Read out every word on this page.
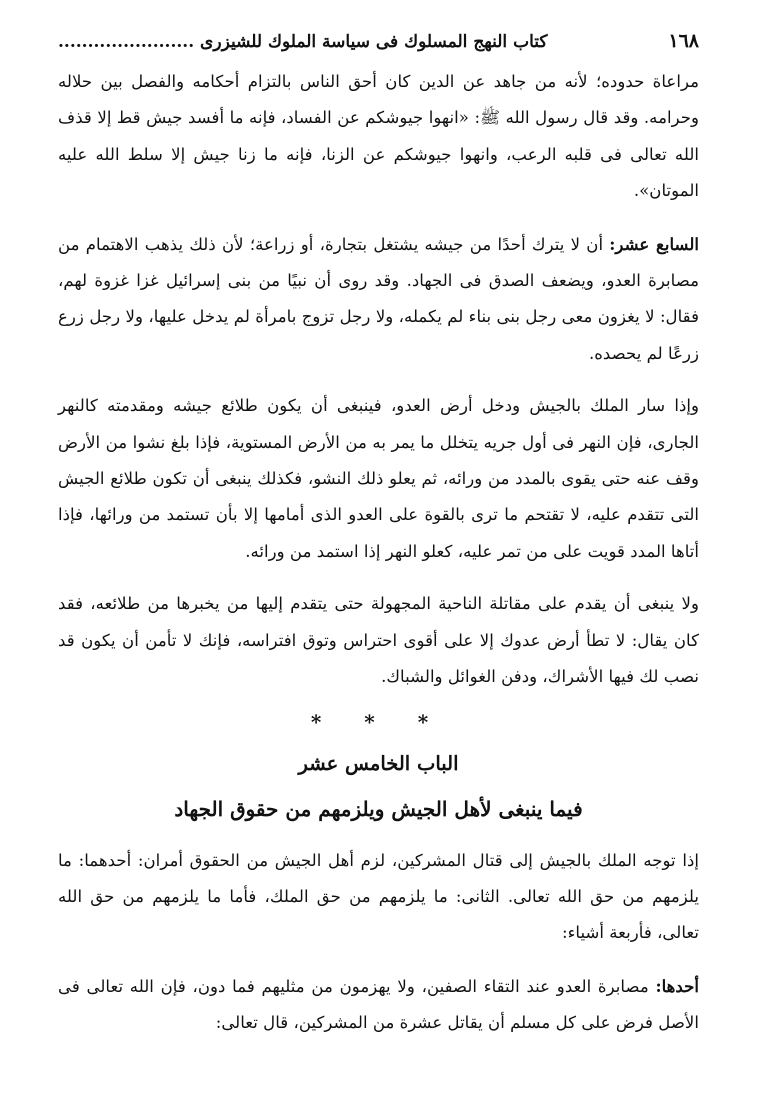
١٦٨
كتاب النهج المسلوك فى سياسة الملوك للشيزرى .......................

مراعاة حدوده؛ لأنه من جاهد عن الدين كان أحق الناس بالتزام أحكامه والفصل بين حلاله وحرامه. وقد قال رسول الله ﷺ: «انهوا جيوشكم عن الفساد، فإنه ما أفسد جيش قط إلا قذف الله تعالى فى قلبه الرعب، وانهوا جيوشكم عن الزنا، فإنه ما زنا جيش إلا سلط الله عليه الموتان».

السابع عشر: أن لا يترك أحدًا من جيشه يشتغل بتجارة، أو زراعة؛ لأن ذلك يذهب الاهتمام من مصابرة العدو، ويضعف الصدق فى الجهاد. وقد روى أن نبيًا من بنى إسرائيل غزا غزوة لهم، فقال: لا يغزون معى رجل بنى بناء لم يكمله، ولا رجل تزوج بامرأة لم يدخل عليها، ولا رجل زرع زرعًا لم يحصده.

وإذا سار الملك بالجيش ودخل أرض العدو، فينبغى أن يكون طلائع جيشه ومقدمته كالنهر الجارى، فإن النهر فى أول جريه يتخلل ما يمر به من الأرض المستوية، فإذا بلغ نشوا من الأرض وقف عنه حتى يقوى بالمدد من ورائه، ثم يعلو ذلك النشو، فكذلك ينبغى أن تكون طلائع الجيش التى تتقدم عليه، لا تقتحم ما ترى بالقوة على العدو الذى أمامها إلا بأن تستمد من ورائها، فإذا أتاها المدد قويت على من تمر عليه، كعلو النهر إذا استمد من ورائه.

ولا ينبغى أن يقدم على مقاتلة الناحية المجهولة حتى يتقدم إليها من يخبرها من طلائعه، فقد كان يقال: لا تطأ أرض عدوك إلا على أقوى احتراس وتوق افتراسه، فإنك لا تأمن أن يكون قد نصب لك فيها الأشراك، ودفن الغوائل والشباك.

* * *
الباب الخامس عشر
فيما ينبغى لأهل الجيش ويلزمهم من حقوق الجهاد

إذا توجه الملك بالجيش إلى قتال المشركين، لزم أهل الجيش من الحقوق أمران: أحدهما: ما يلزمهم من حق الله تعالى. الثانى: ما يلزمهم من حق الملك، فأما ما يلزمهم من حق الله تعالى، فأربعة أشياء:

أحدها: مصابرة العدو عند التقاء الصفين، ولا يهزمون من مثليهم فما دون، فإن الله تعالى فى الأصل فرض على كل مسلم أن يقاتل عشرة من المشركين، قال تعالى:
